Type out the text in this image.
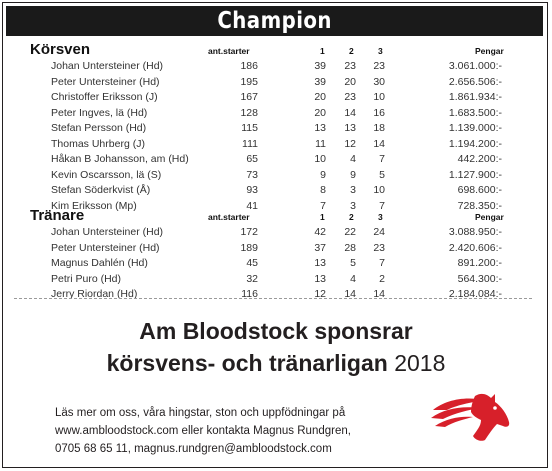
Champion
Körsven	ant.starter	1	2	3	Pengar
Johan Untersteiner (Hd)	186	39	23	23	3.061.000:-
Peter Untersteiner (Hd)	195	39	20	30	2.656.506:-
Christoffer Eriksson (J)	167	20	23	10	1.861.934:-
Peter Ingves, lä (Hd)	128	20	14	16	1.683.500:-
Stefan Persson (Hd)	115	13	13	18	1.139.000:-
Thomas Uhrberg (J)	111	11	12	14	1.194.200:-
Håkan B Johansson, am (Hd)	65	10	4	7	442.200:-
Kevin Oscarsson, lä (S)	73	9	9	5	1.127.900:-
Stefan Söderkvist (Å)	93	8	3	10	698.600:-
Kim Eriksson (Mp)	41	7	3	7	728.350:-
Tränare	ant.starter	1	2	3	Pengar
Johan Untersteiner (Hd)	172	42	22	24	3.088.950:-
Peter Untersteiner (Hd)	189	37	28	23	2.420.606:-
Magnus Dahlén (Hd)	45	13	5	7	891.200:-
Petri Puro (Hd)	32	13	4	2	564.300:-
Jerry Riordan (Hd)	116	12	14	14	2.184.084:-
Am Bloodstock sponsrar
körsvens- och tränarligan 2018
Läs mer om oss, våra hingstar, ston och uppfödningar på
www.ambloodstock.com eller kontakta Magnus Rundgren,
0705 68 65 11, magnus.rundgren@ambloodstock.com
